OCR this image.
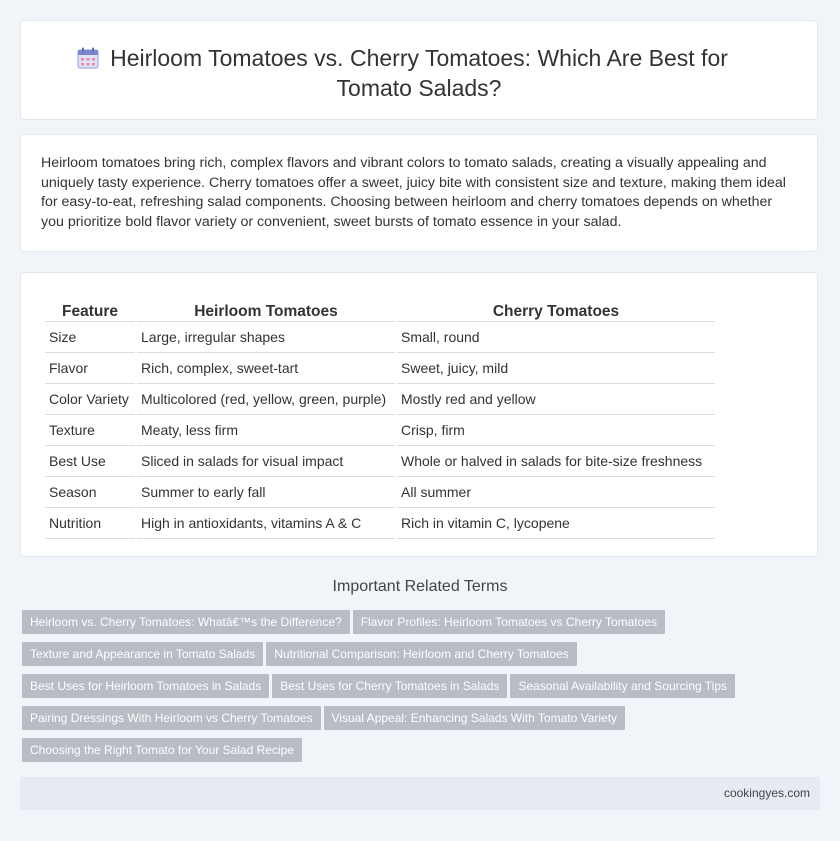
Heirloom Tomatoes vs. Cherry Tomatoes: Which Are Best for Tomato Salads?

Heirloom tomatoes bring rich, complex flavors and vibrant colors to tomato salads, creating a visually appealing and uniquely tasty experience. Cherry tomatoes offer a sweet, juicy bite with consistent size and texture, making them ideal for easy-to-eat, refreshing salad components. Choosing between heirloom and cherry tomatoes depends on whether you prioritize bold flavor variety or convenient, sweet bursts of tomato essence in your salad.

Feature	Heirloom Tomatoes	Cherry Tomatoes
Size	Large, irregular shapes	Small, round
Flavor	Rich, complex, sweet-tart	Sweet, juicy, mild
Color Variety	Multicolored (red, yellow, green, purple)	Mostly red and yellow
Texture	Meaty, less firm	Crisp, firm
Best Use	Sliced in salads for visual impact	Whole or halved in salads for bite-size freshness
Season	Summer to early fall	All summer
Nutrition	High in antioxidants, vitamins A & C	Rich in vitamin C, lycopene
Important Related Terms
Heirloom vs. Cherry Tomatoes: Whatâ€™s the Difference? Flavor Profiles: Heirloom Tomatoes vs Cherry Tomatoes
Texture and Appearance in Tomato Salads Nutritional Comparison: Heirloom and Cherry Tomatoes
Best Uses for Heirloom Tomatoes in Salads Best Uses for Cherry Tomatoes in Salads Seasonal Availability and Sourcing Tips
Pairing Dressings With Heirloom vs Cherry Tomatoes Visual Appeal: Enhancing Salads With Tomato Variety
Choosing the Right Tomato for Your Salad Recipe
cookingyes.com
